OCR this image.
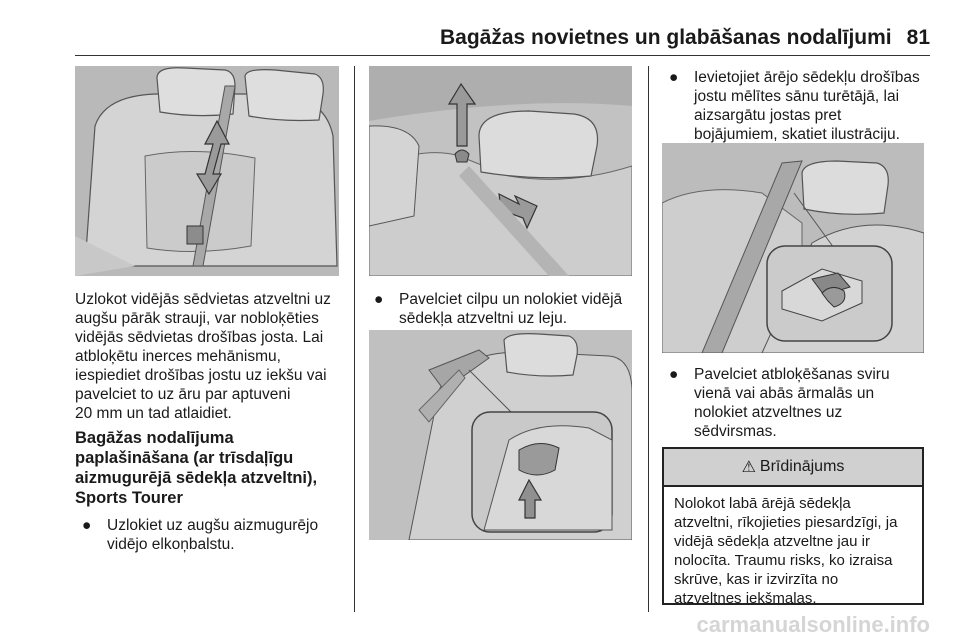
Bagāžas novietnes un glabāšanas nodalījumi 81
Uzlokot vidējās sēdvietas atzveltni uz
augšu pārāk strauji, var nobloķēties
vidējās sēdvietas drošības josta. Lai
atbloķētu inerces mehānismu,
iespiediet drošības jostu uz iekšu vai
pavelciet to uz āru par aptuveni
20 mm un tad atlaidiet.
Bagāžas nodalījuma
paplašināšana (ar trīsdaļīgu
aizmugurējā sēdekļa atzveltni),
Sports Tourer
● Uzlokiet uz augšu aizmugurējo
vidējo elkoņbalstu.
● Pavelciet cilpu un nolokiet vidējā
sēdekļa atzveltni uz leju.
● Ievietojiet ārējo sēdekļu drošības
jostu mēlītes sānu turētājā, lai
aizsargātu jostas pret
bojājumiem, skatiet ilustrāciju.
● Pavelciet atbloķēšanas sviru
vienā vai abās ārmalās un
nolokiet atzveltnes uz
sēdvirsmas.
⚠ Brīdinājums
Nolokot labā ārējā sēdekļa
atzveltni, rīkojieties piesardzīgi, ja
vidējā sēdekļa atzveltne jau ir
nolocīta. Traumu risks, ko izraisa
skrūve, kas ir izvirzīta no
atzveltnes iekšmalas.
carmanualsonline.info
